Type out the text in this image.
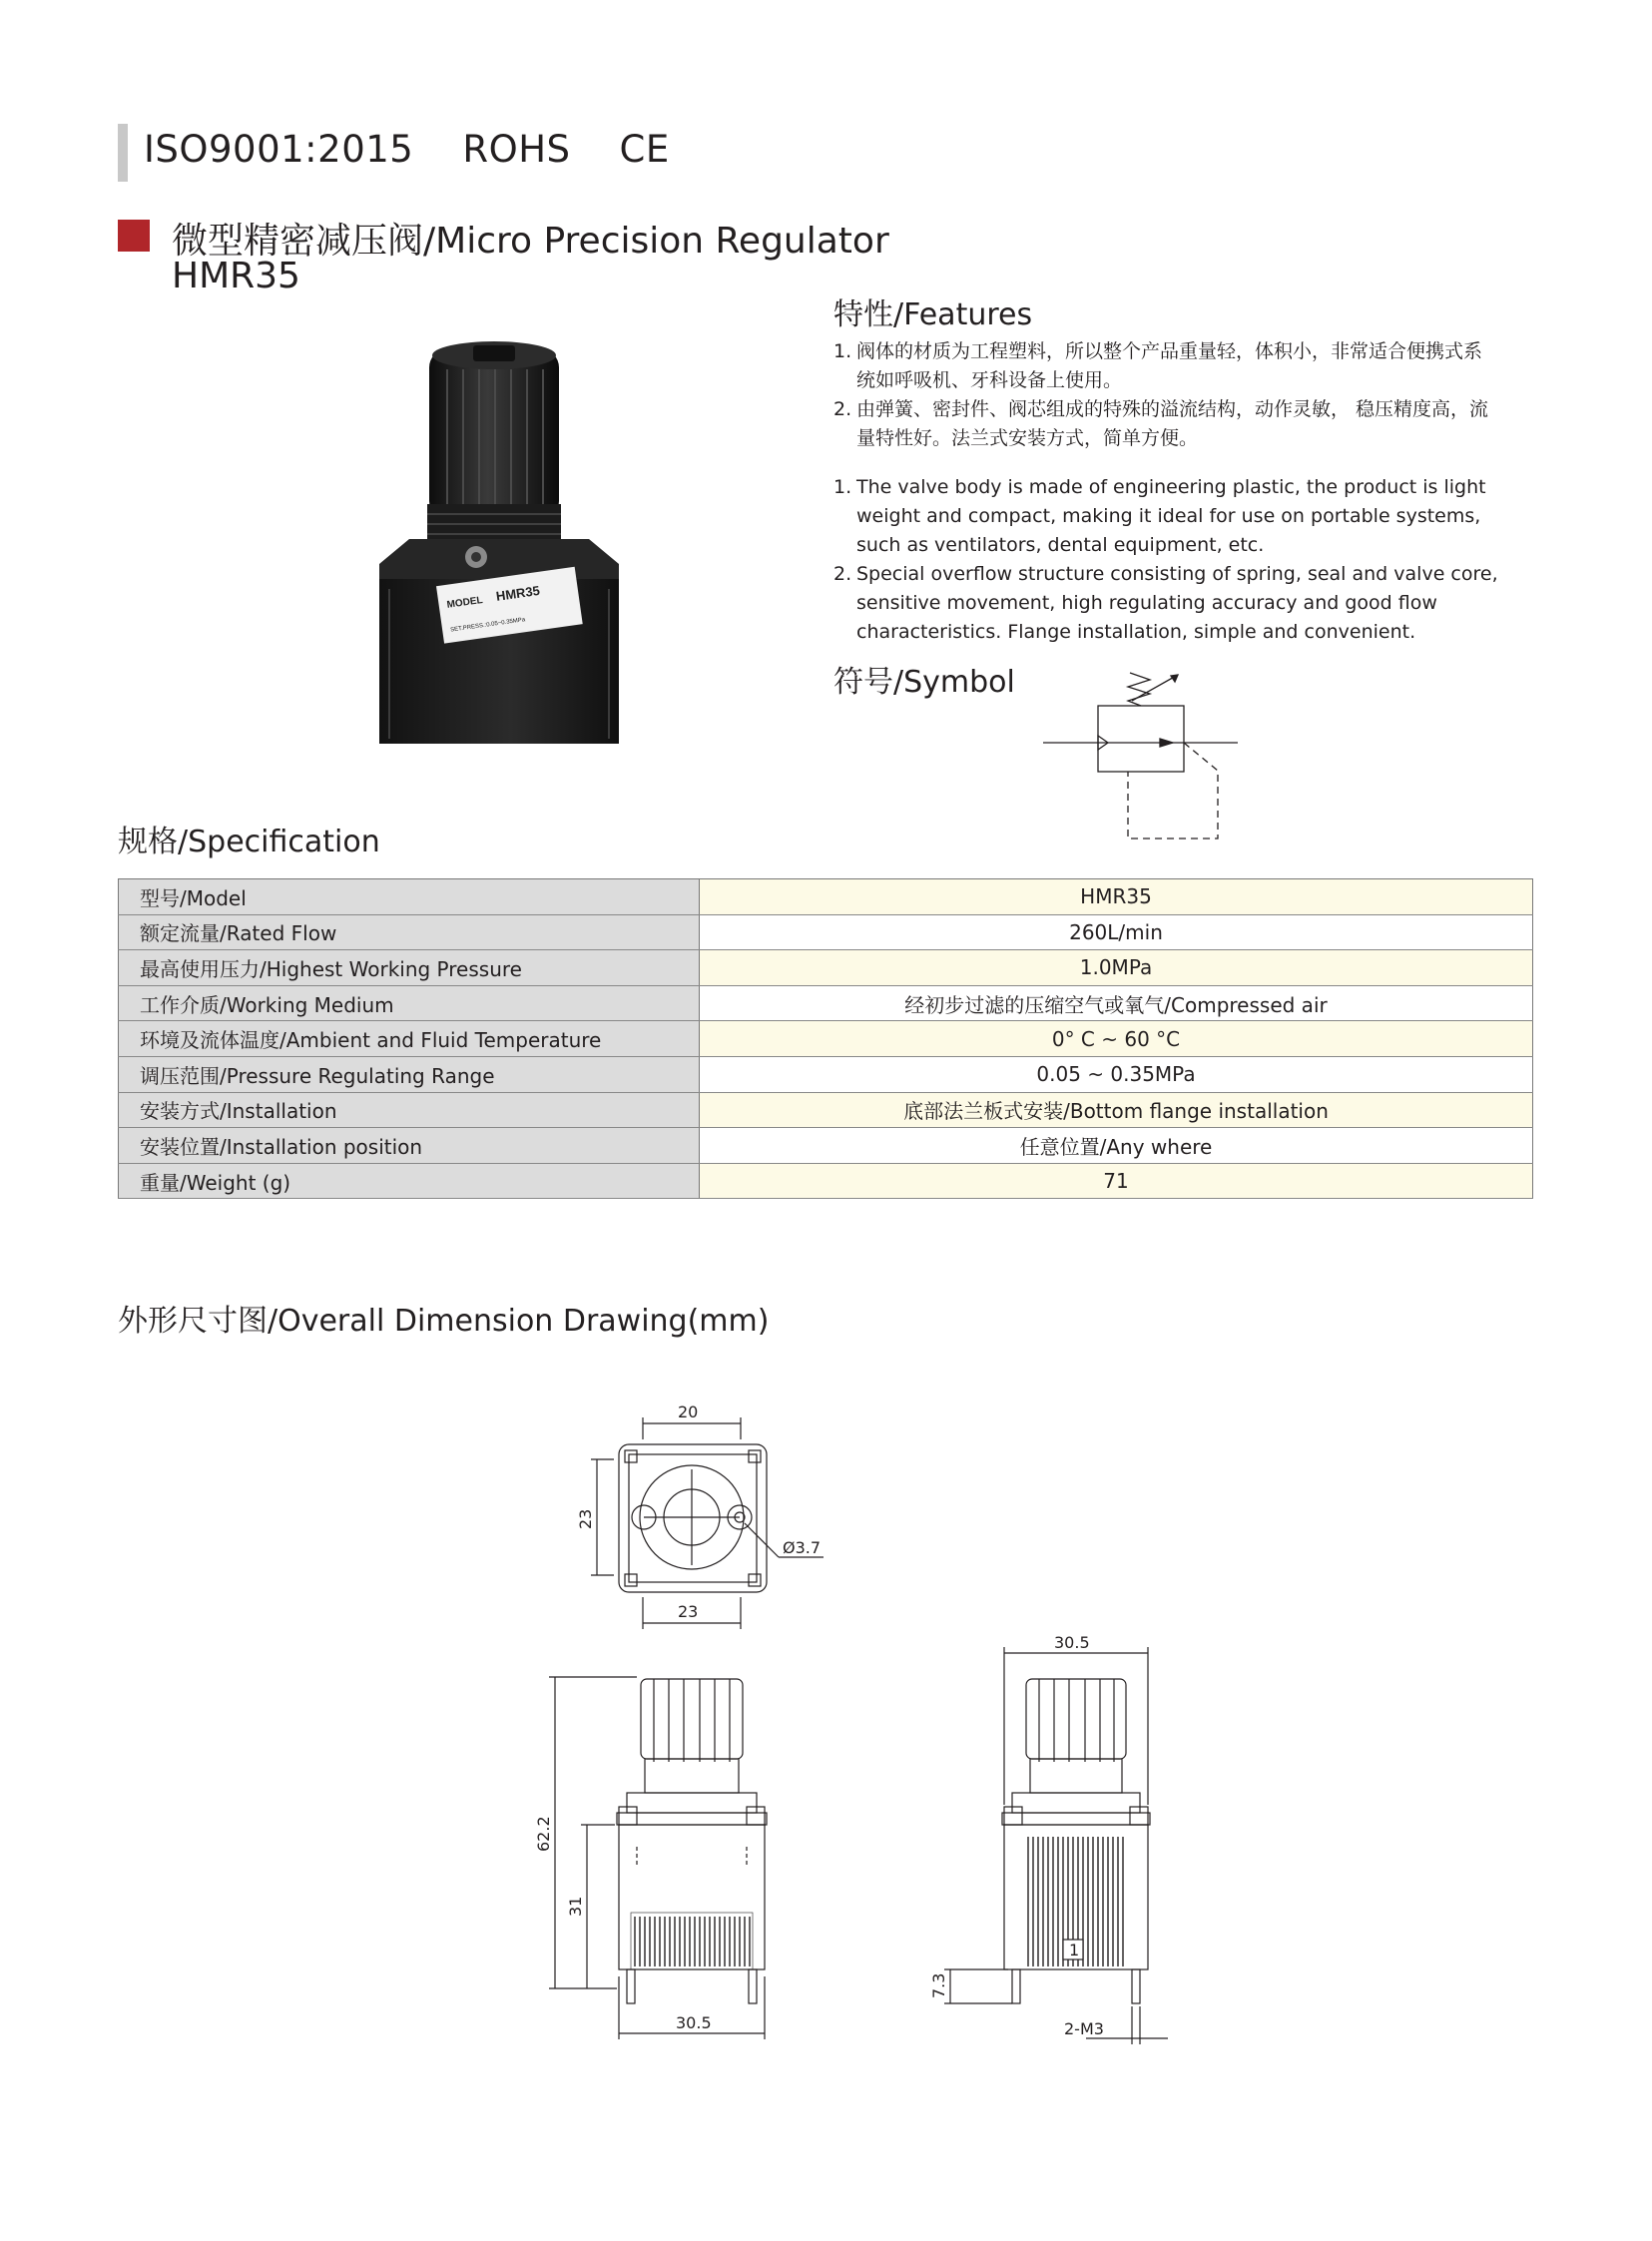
ISO9001:2015    ROHS    CE
微型精密减压阀/Micro Precision Regulator
HMR35
MODEL HMR35
SET.PRESS.:0.05~0.35MPa
特性/Features
1. 阀体的材质为工程塑料，所以整个产品重量轻，体积小，非常适合便携式系
统如呼吸机、牙科设备上使用。
2. 由弹簧、密封件、阀芯组成的特殊的溢流结构，动作灵敏， 稳压精度高，流
量特性好。法兰式安装方式，简单方便。
1. The valve body is made of engineering plastic, the product is light
weight and compact, making it ideal for use on portable systems,
such as ventilators, dental equipment, etc.
2. Special overflow structure consisting of spring, seal and valve core,
sensitive movement, high regulating accuracy and good flow
characteristics. Flange installation, simple and convenient.
符号/Symbol
规格/Specification
型号/Model	HMR35
额定流量/Rated Flow	260L/min
最高使用压力/Highest Working Pressure	1.0MPa
工作介质/Working Medium	经初步过滤的压缩空气或氧气/Compressed air
环境及流体温度/Ambient and Fluid Temperature	0° C ~ 60 °C
调压范围/Pressure Regulating Range	0.05 ~ 0.35MPa
安装方式/Installation	底部法兰板式安装/Bottom flange installation
安装位置/Installation position	任意位置/Any where
重量/Weight (g)	71
外形尺寸图/Overall Dimension Drawing(mm)
20
23
Ø3.7
23
62.2
31
30.5
30.5
7.3
2-M3
1
